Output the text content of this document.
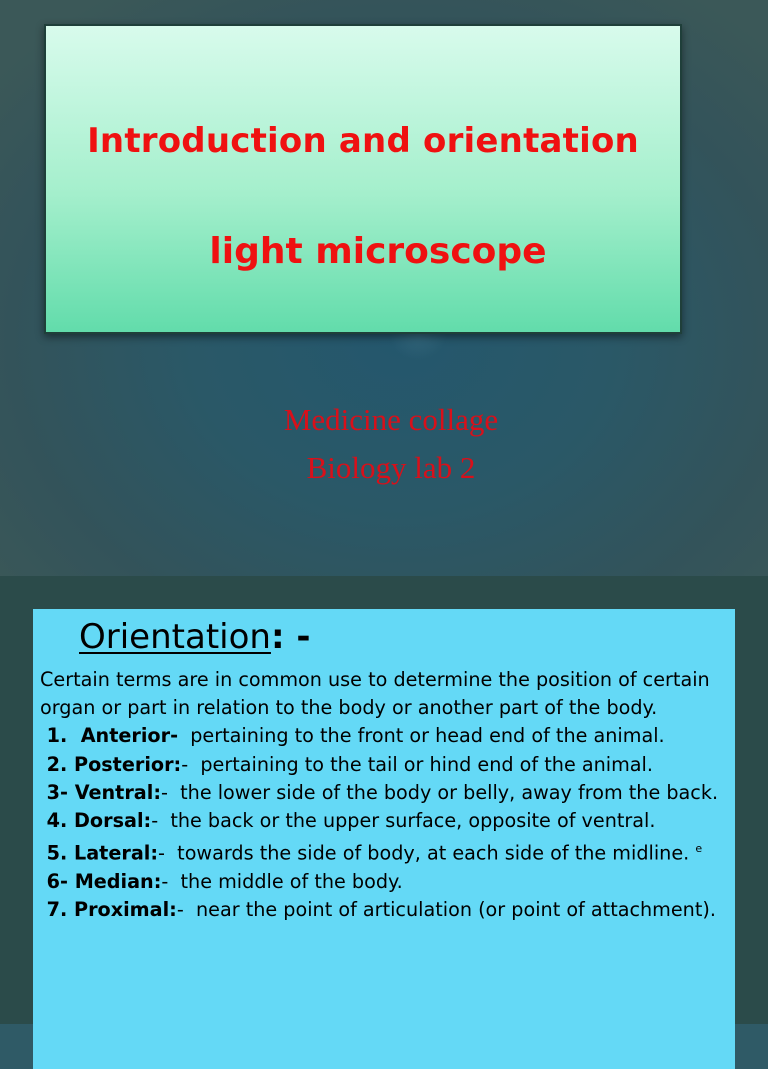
Introduction and orientation
light microscope
Medicine collage
Biology lab 2
Orientation: -

Certain terms are in common use to determine the position of certain organ or part in relation to the body or another part of the body.

1.  Anterior-  pertaining to the front or head end of the animal.

2. Posterior:-  pertaining to the tail or hind end of the animal.

3- Ventral:-  the lower side of the body or belly, away from the back.

4. Dorsal:-  the back or the upper surface, opposite of ventral.

5. Lateral:-  towards the side of body, at each side of the midline. $^e$

6- Median:-  the middle of the body.

7. Proximal:-  near the point of articulation (or point of attachment).
